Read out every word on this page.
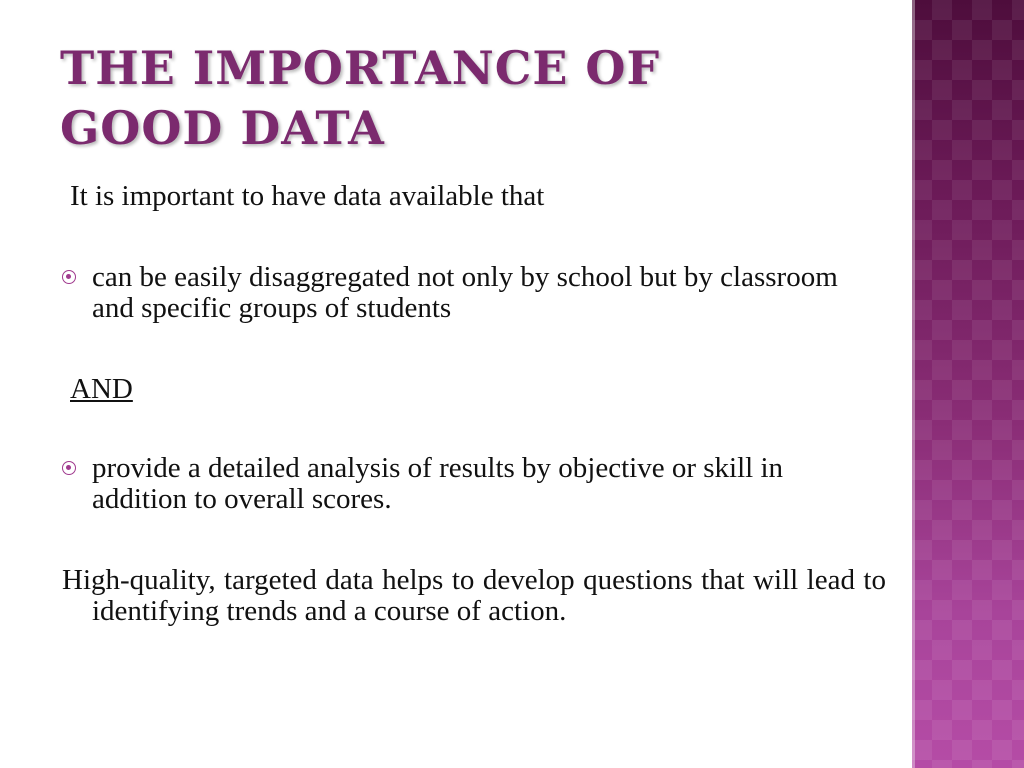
THE IMPORTANCE OF
GOOD DATA
It is important to have data available that
can be easily disaggregated not only by school but by classroom and specific groups of students
AND
provide a detailed analysis of results by objective or skill in addition to overall scores.
High-quality, targeted data helps to develop questions that will lead to identifying trends and a course of action.
